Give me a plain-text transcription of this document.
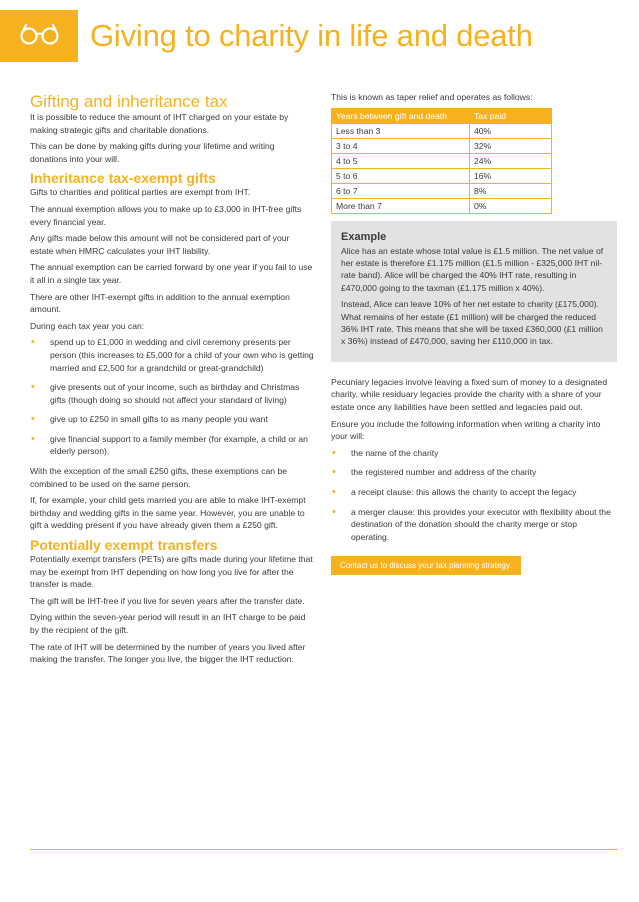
Giving to charity in life and death
Gifting and inheritance tax

It is possible to reduce the amount of IHT charged on your estate by making strategic gifts and charitable donations.

This can be done by making gifts during your lifetime and writing donations into your will.

Inheritance tax-exempt gifts

Gifts to charities and political parties are exempt from IHT.

The annual exemption allows you to make up to £3,000 in IHT-free gifts every financial year.

Any gifts made below this amount will not be considered part of your estate when HMRC calculates your IHT liability.

The annual exemption can be carried forward by one year if you fail to use it all in a single tax year.

There are other IHT-exempt gifts in addition to the annual exemption amount.

During each tax year you can:

• spend up to £1,000 in wedding and civil ceremony presents per person (this increases to £5,000 for a child of your own who is getting married and £2,500 for a grandchild or great-grandchild)
• give presents out of your income, such as birthday and Christmas gifts (though doing so should not affect your standard of living)
• give up to £250 in small gifts to as many people you want
• give financial support to a family member (for example, a child or an elderly person).

With the exception of the small £250 gifts, these exemptions can be combined to be used on the same person.

If, for example, your child gets married you are able to make IHT-exempt birthday and wedding gifts in the same year. However, you are unable to gift a wedding present if you have already given them a £250 gift.

Potentially exempt transfers

Potentially exempt transfers (PETs) are gifts made during your lifetime that may be exempt from IHT depending on how long you live for after the transfer is made.

The gift will be IHT-free if you live for seven years after the transfer date.

Dying within the seven-year period will result in an IHT charge to be paid by the recipient of the gift.

The rate of IHT will be determined by the number of years you lived after making the transfer. The longer you live, the bigger the IHT reduction.

This is known as taper relief and operates as follows:

Years between gift and death	Tax paid
Less than 3	40%
3 to 4	32%
4 to 5	24%
5 to 6	16%
6 to 7	8%
More than 7	0%
Example

Alice has an estate whose total value is £1.5 million. The net value of her estate is therefore £1.175 million (£1.5 million - £325,000 IHT nil-rate band). Alice will be charged the 40% IHT rate, resulting in £470,000 going to the taxman (£1.175 million x 40%).

Instead, Alice can leave 10% of her net estate to charity (£175,000). What remains of her estate (£1 million) will be charged the reduced 36% IHT rate. This means that she will be taxed £360,000 (£1 million x 36%) instead of £470,000, saving her £110,000 in tax.

Pecuniary legacies involve leaving a fixed sum of money to a designated charity, while residuary legacies provide the charity with a share of your estate once any liabilities have been settled and legacies paid out.

Ensure you include the following information when writing a charity into your will:

• the name of the charity
• the registered number and address of the charity
• a receipt clause: this allows the charity to accept the legacy
• a merger clause: this provides your executor with flexibility about the destination of the donation should the charity merge or stop operating.
Contact us to discuss your tax planning strategy.
